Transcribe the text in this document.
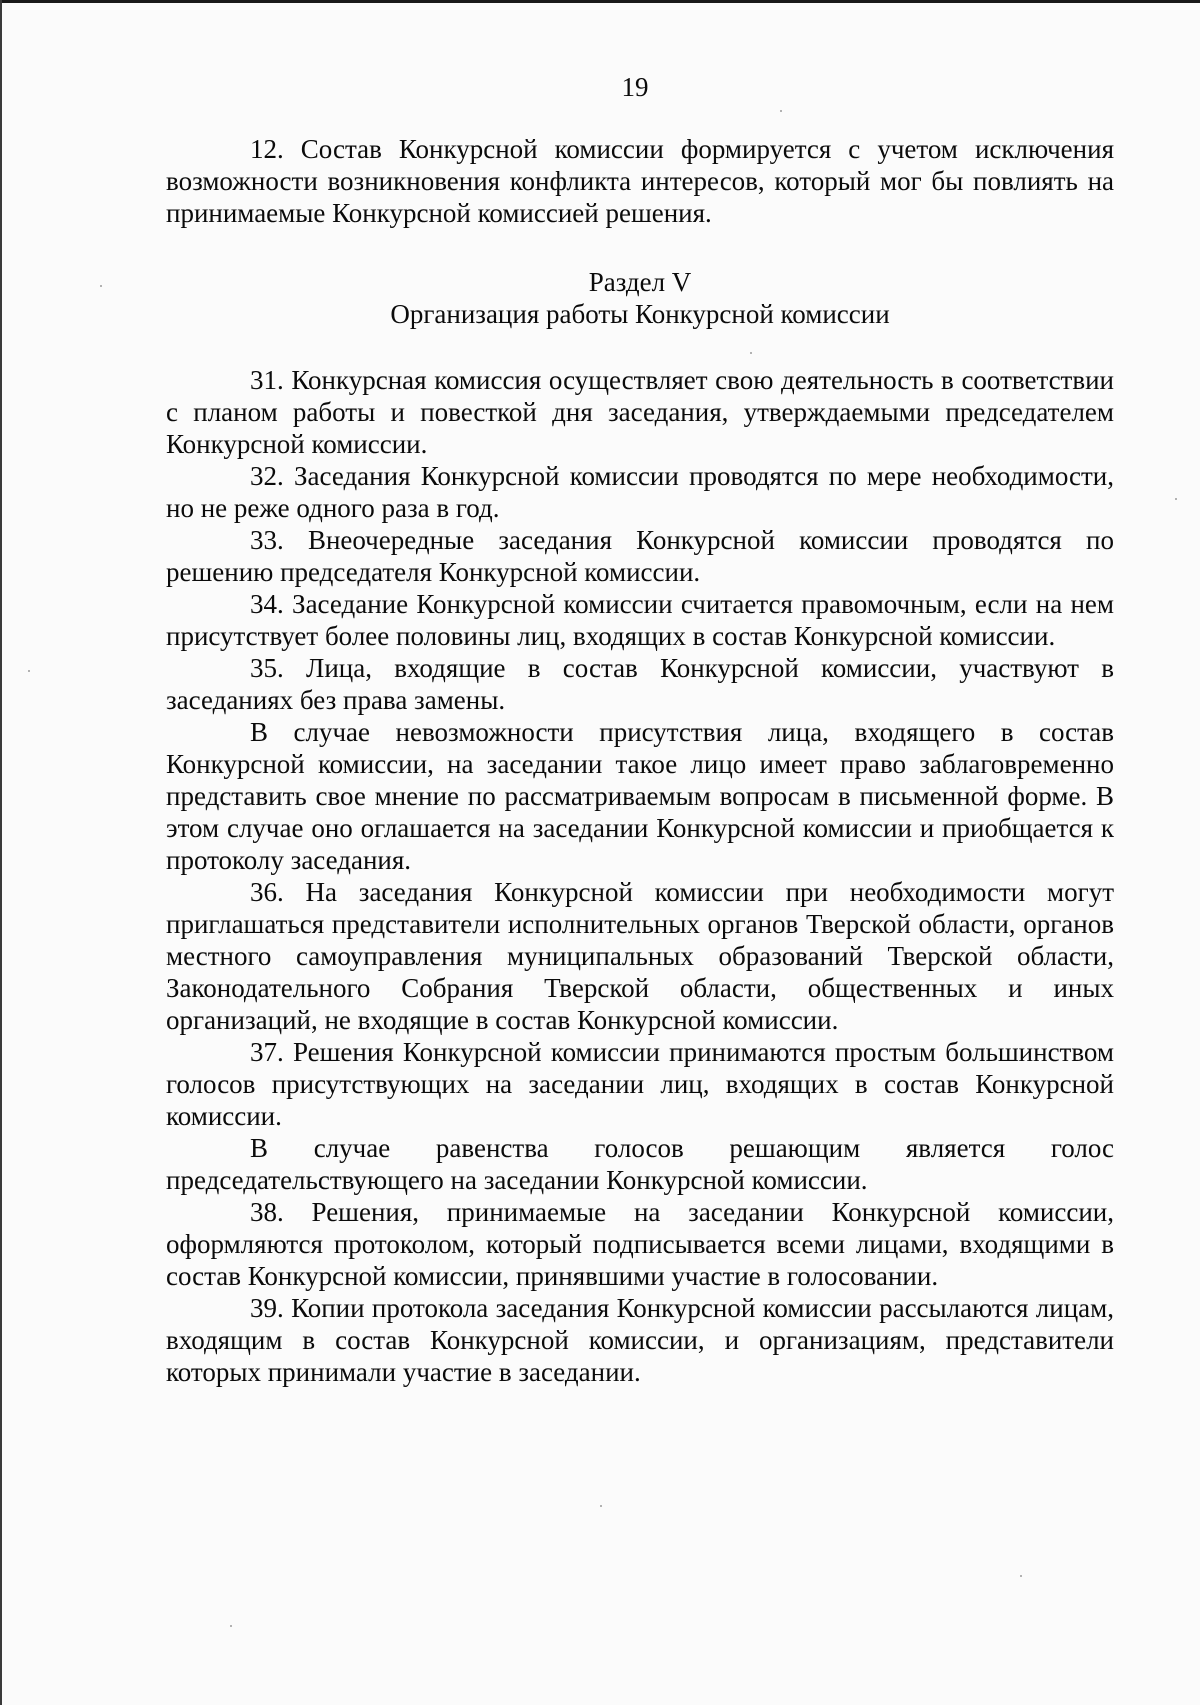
19

12. Состав Конкурсной комиссии формируется с учетом исключения возможности возникновения конфликта интересов, который мог бы повлиять на принимаемые Конкурсной комиссией решения.

Раздел V
Организация работы Конкурсной комиссии

31. Конкурсная комиссия осуществляет свою деятельность в соответствии с планом работы и повесткой дня заседания, утверждаемыми председателем Конкурсной комиссии.

32. Заседания Конкурсной комиссии проводятся по мере необходимости, но не реже одного раза в год.

33. Внеочередные заседания Конкурсной комиссии проводятся по решению председателя Конкурсной комиссии.

34. Заседание Конкурсной комиссии считается правомочным, если на нем присутствует более половины лиц, входящих в состав Конкурсной комиссии.

35. Лица, входящие в состав Конкурсной комиссии, участвуют в заседаниях без права замены.

В случае невозможности присутствия лица, входящего в состав Конкурсной комиссии, на заседании такое лицо имеет право заблаговременно представить свое мнение по рассматриваемым вопросам в письменной форме. В этом случае оно оглашается на заседании Конкурсной комиссии и приобщается к протоколу заседания.

36. На заседания Конкурсной комиссии при необходимости могут приглашаться представители исполнительных органов Тверской области, органов местного самоуправления муниципальных образований Тверской области, Законодательного Собрания Тверской области, общественных и иных организаций, не входящие в состав Конкурсной комиссии.

37. Решения Конкурсной комиссии принимаются простым большинством голосов присутствующих на заседании лиц, входящих в состав Конкурсной комиссии.

В случае равенства голосов решающим является голос председательствующего на заседании Конкурсной комиссии.

38. Решения, принимаемые на заседании Конкурсной комиссии, оформляются протоколом, который подписывается всеми лицами, входящими в состав Конкурсной комиссии, принявшими участие в голосовании.

39. Копии протокола заседания Конкурсной комиссии рассылаются лицам, входящим в состав Конкурсной комиссии, и организациям, представители которых принимали участие в заседании.
